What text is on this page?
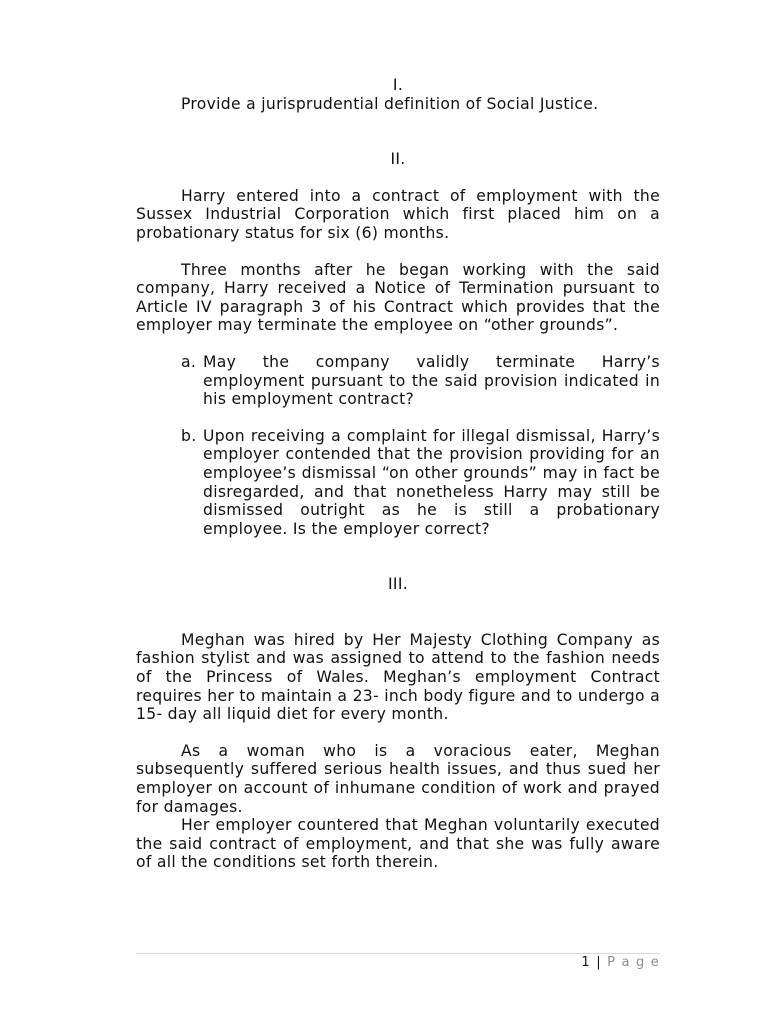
I.

Provide a jurisprudential definition of Social Justice.

II.

Harry entered into a contract of employment with the Sussex Industrial Corporation which first placed him on a probationary status for six (6) months.

Three months after he began working with the said company, Harry received a Notice of Termination pursuant to Article IV paragraph 3 of his Contract which provides that the employer may terminate the employee on “other grounds”.

a. May the company validly terminate Harry’s employment pursuant to the said provision indicated in his employment contract?
b. Upon receiving a complaint for illegal dismissal, Harry’s employer contended that the provision providing for an employee’s dismissal “on other grounds” may in fact be disregarded, and that nonetheless Harry may still be dismissed outright as he is still a probationary employee. Is the employer correct?

III.

Meghan was hired by Her Majesty Clothing Company as fashion stylist and was assigned to attend to the fashion needs of the Princess of Wales. Meghan’s employment Contract requires her to maintain a 23- inch body figure and to undergo a 15- day all liquid diet for every month.

As a woman who is a voracious eater, Meghan subsequently suffered serious health issues, and thus sued her employer on account of inhumane condition of work and prayed for damages.

Her employer countered that Meghan voluntarily executed the said contract of employment, and that she was fully aware of all the conditions set forth therein.

1 | P a g e
